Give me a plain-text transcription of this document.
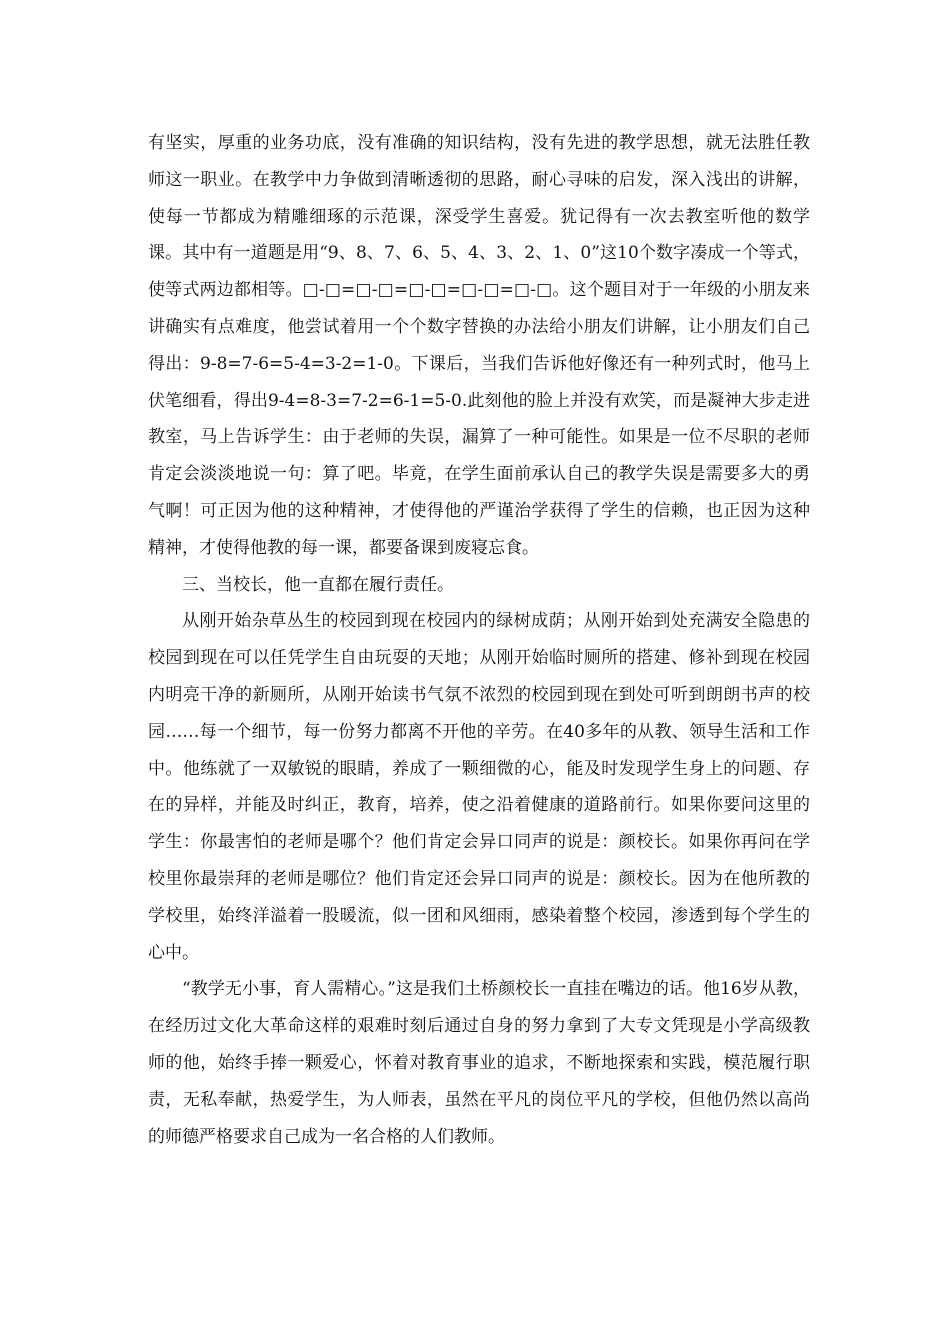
有坚实，厚重的业务功底，没有准确的知识结构，没有先进的教学思想，就无法胜任教师这一职业。在教学中力争做到清晰透彻的思路，耐心寻味的启发，深入浅出的讲解，使每一节都成为精雕细琢的示范课，深受学生喜爱。犹记得有一次去教室听他的数学课。其中有一道题是用“9、8、7、6、5、4、3、2、1、0”这10个数字凑成一个等式，使等式两边都相等。□-□=□-□=□-□=□-□=□-□。这个题目对于一年级的小朋友来讲确实有点难度，他尝试着用一个个数字替换的办法给小朋友们讲解，让小朋友们自己得出：9-8=7-6=5-4=3-2=1-0。下课后，当我们告诉他好像还有一种列式时，他马上伏笔细看，得出9-4=8-3=7-2=6-1=5-0.此刻他的脸上并没有欢笑，而是凝神大步走进教室，马上告诉学生：由于老师的失误，漏算了一种可能性。如果是一位不尽职的老师肯定会淡淡地说一句：算了吧。毕竟，在学生面前承认自己的教学失误是需要多大的勇气啊！可正因为他的这种精神，才使得他的严谨治学获得了学生的信赖，也正因为这种精神，才使得他教的每一课，都要备课到废寝忘食。

三、当校长，他一直都在履行责任。

从刚开始杂草丛生的校园到现在校园内的绿树成荫；从刚开始到处充满安全隐患的校园到现在可以任凭学生自由玩耍的天地；从刚开始临时厕所的搭建、修补到现在校园内明亮干净的新厕所，从刚开始读书气氛不浓烈的校园到现在到处可听到朗朗书声的校园……每一个细节，每一份努力都离不开他的辛劳。在40多年的从教、领导生活和工作中。他练就了一双敏锐的眼睛，养成了一颗细微的心，能及时发现学生身上的问题、存在的异样，并能及时纠正，教育，培养，使之沿着健康的道路前行。如果你要问这里的学生：你最害怕的老师是哪个？他们肯定会异口同声的说是：颜校长。如果你再问在学校里你最崇拜的老师是哪位？他们肯定还会异口同声的说是：颜校长。因为在他所教的学校里，始终洋溢着一股暖流，似一团和风细雨，感染着整个校园，渗透到每个学生的心中。

“教学无小事，育人需精心。”这是我们土桥颜校长一直挂在嘴边的话。他16岁从教，在经历过文化大革命这样的艰难时刻后通过自身的努力拿到了大专文凭现是小学高级教师的他，始终手捧一颗爱心，怀着对教育事业的追求，不断地探索和实践，模范履行职责，无私奉献，热爱学生，为人师表，虽然在平凡的岗位平凡的学校，但他仍然以高尚的师德严格要求自己成为一名合格的人们教师。
